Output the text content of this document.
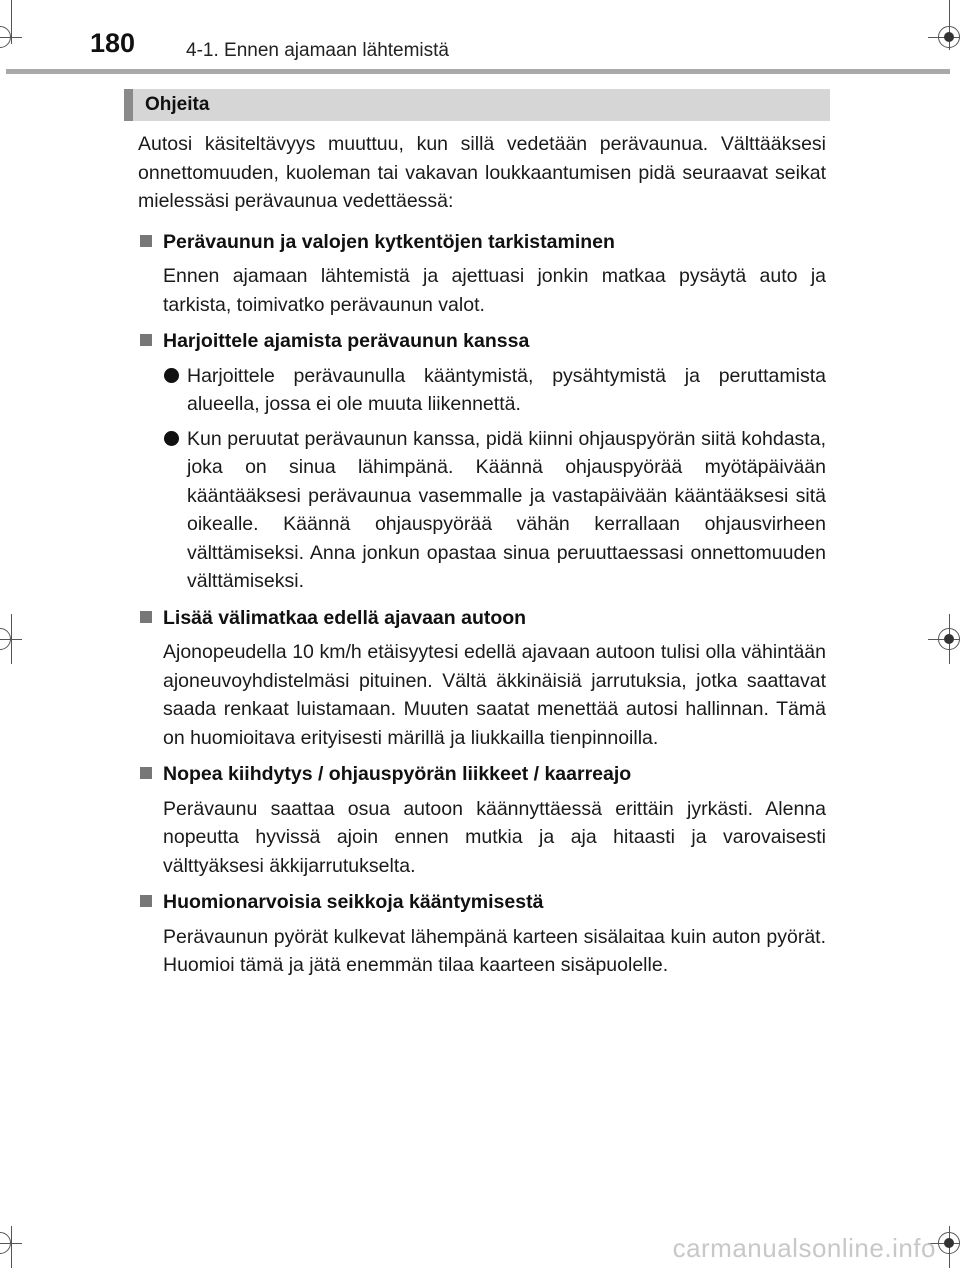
180	4-1. Ennen ajamaan lähtemistä
Ohjeita

Autosi käsiteltävyys muuttuu, kun sillä vedetään perävaunua. Välttääksesi onnettomuuden, kuoleman tai vakavan loukkaantumisen pidä seuraavat seikat mielessäsi perävaunua vedettäessä:

Perävaunun ja valojen kytkentöjen tarkistaminen

Ennen ajamaan lähtemistä ja ajettuasi jonkin matkaa pysäytä auto ja tarkista, toimivatko perävaunun valot.

Harjoittele ajamista perävaunun kanssa

Harjoittele perävaunulla kääntymistä, pysähtymistä ja peruttamista alueella, jossa ei ole muuta liikennettä.

Kun peruutat perävaunun kanssa, pidä kiinni ohjauspyörän siitä kohdasta, joka on sinua lähimpänä. Käännä ohjauspyörää myötäpäivään kääntääksesi perävaunua vasemmalle ja vastapäivään kääntääksesi sitä oikealle. Käännä ohjauspyörää vähän kerrallaan ohjausvirheen välttämiseksi. Anna jonkun opastaa sinua peruuttaessasi onnettomuuden välttämiseksi.

Lisää välimatkaa edellä ajavaan autoon

Ajonopeudella 10 km/h etäisyytesi edellä ajavaan autoon tulisi olla vähintään ajoneuvoyhdistelmäsi pituinen. Vältä äkkinäisiä jarrutuksia, jotka saattavat saada renkaat luistamaan. Muuten saatat menettää autosi hallinnan. Tämä on huomioitava erityisesti märillä ja liukkailla tienpinnoilla.

Nopea kiihdytys / ohjauspyörän liikkeet / kaarreajo

Perävaunu saattaa osua autoon käännyttäessä erittäin jyrkästi. Alenna nopeutta hyvissä ajoin ennen mutkia ja aja hitaasti ja varovaisesti välttyäksesi äkkijarrutukselta.

Huomionarvoisia seikkoja kääntymisestä

Perävaunun pyörät kulkevat lähempänä karteen sisälaitaa kuin auton pyörät. Huomioi tämä ja jätä enemmän tilaa kaarteen sisäpuolelle.

carmanualsonline.info
